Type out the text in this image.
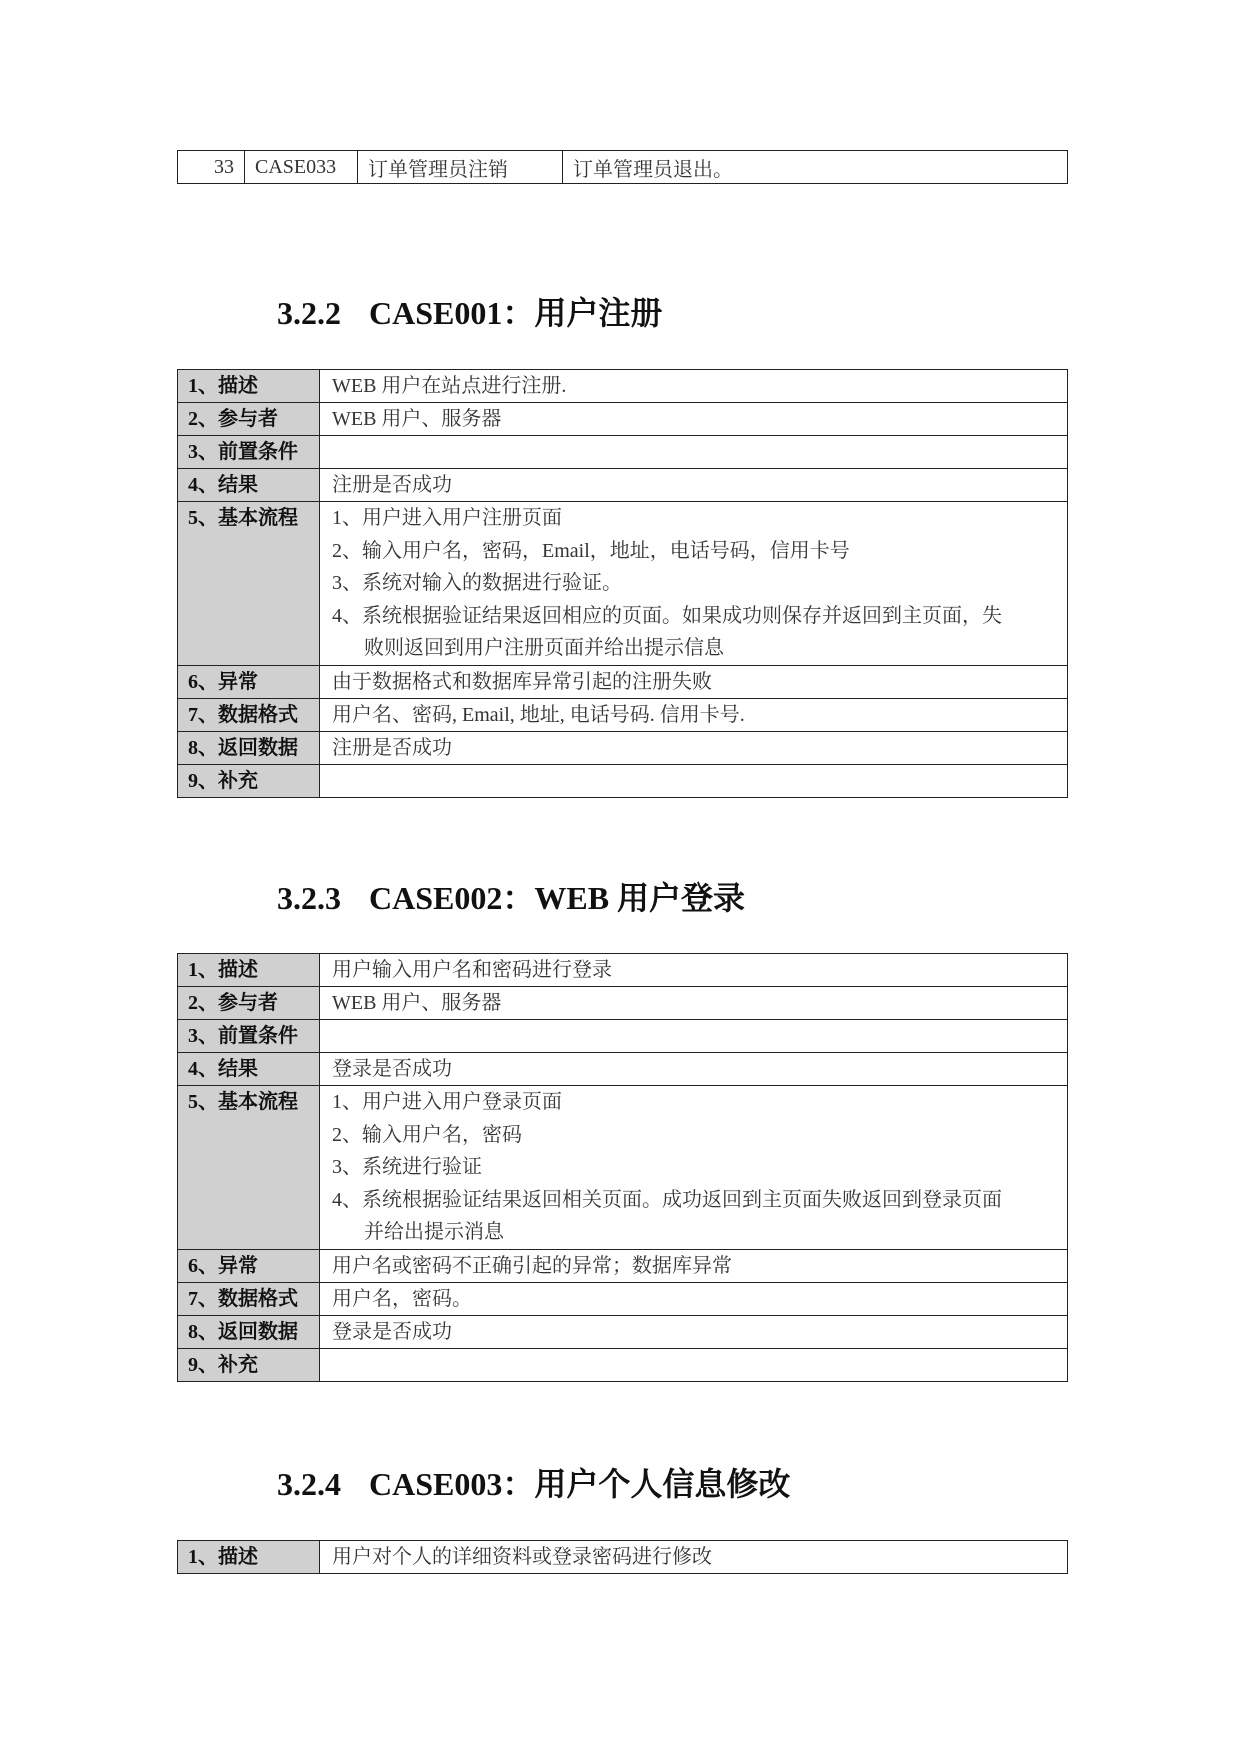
33	CASE033	订单管理员注销	订单管理员退出。
3.2.2 CASE001：用户注册
1、描述	WEB 用户在站点进行注册.
2、参与者	WEB 用户、服务器
3、前置条件	
4、结果	注册是否成功
5、基本流程	1、用户进入用户注册页面
2、输入用户名，密码，Email，地址，电话号码，信用卡号
3、系统对输入的数据进行验证。
4、系统根据验证结果返回相应的页面。如果成功则保存并返回到主页面，失
败则返回到用户注册页面并给出提示信息

6、异常	由于数据格式和数据库异常引起的注册失败
7、数据格式	用户名、密码, Email, 地址, 电话号码. 信用卡号.
8、返回数据	注册是否成功
9、补充	
3.2.3 CASE002：WEB 用户登录
1、描述	用户输入用户名和密码进行登录
2、参与者	WEB 用户、服务器
3、前置条件	
4、结果	登录是否成功
5、基本流程	1、用户进入用户登录页面
2、输入用户名，密码
3、系统进行验证
4、系统根据验证结果返回相关页面。成功返回到主页面失败返回到登录页面
并给出提示消息

6、异常	用户名或密码不正确引起的异常；数据库异常
7、数据格式	用户名，密码。
8、返回数据	登录是否成功
9、补充	
3.2.4 CASE003：用户个人信息修改
1、描述	用户对个人的详细资料或登录密码进行修改
